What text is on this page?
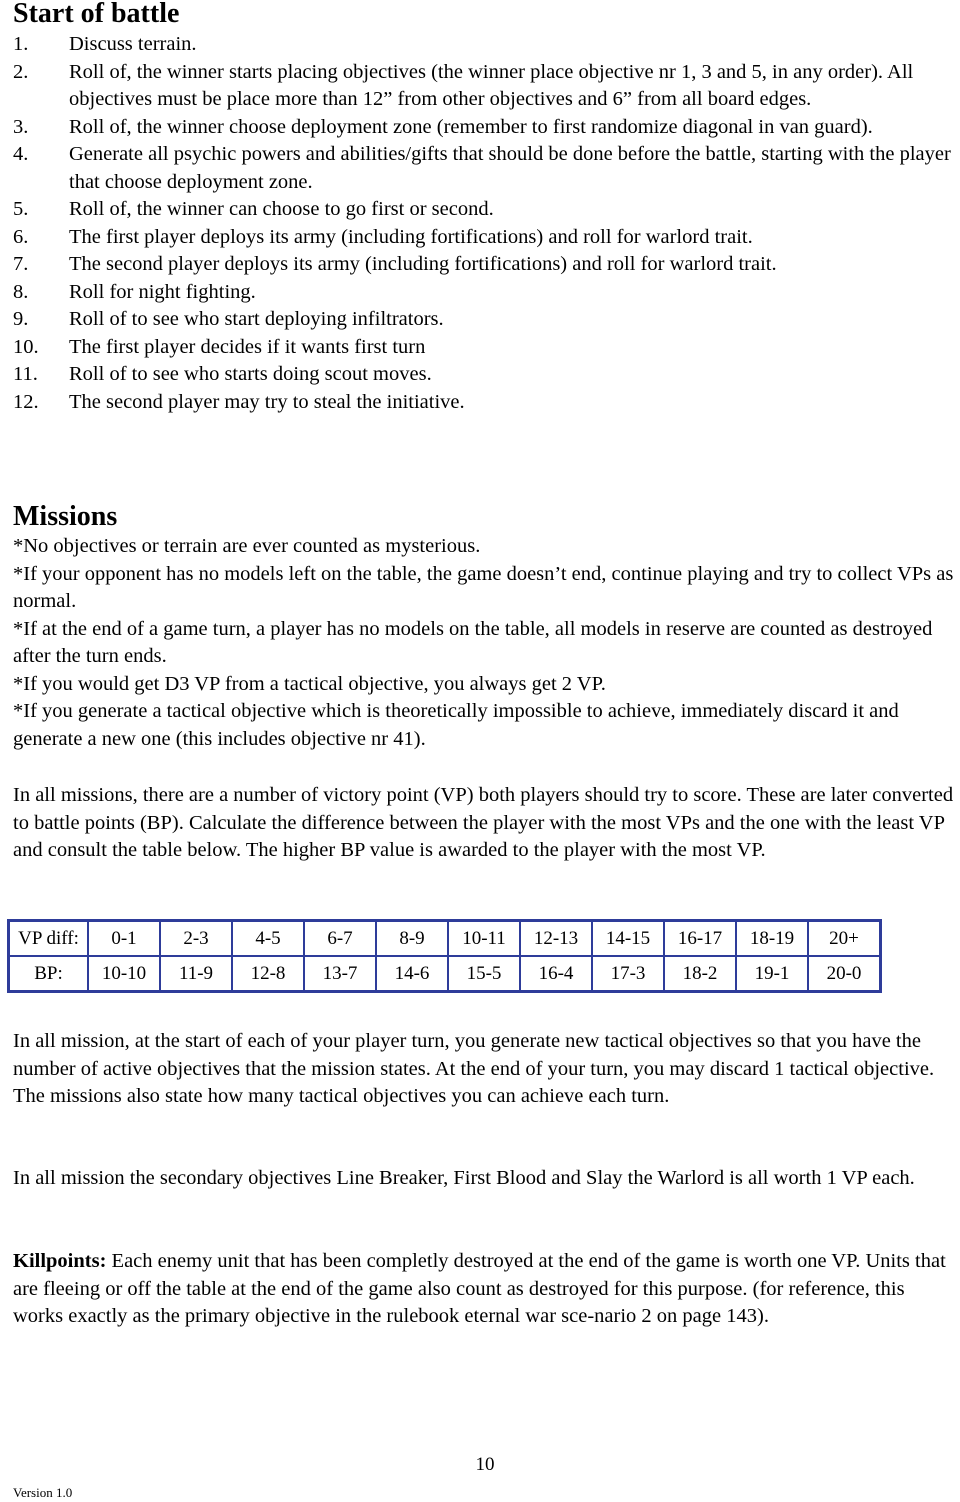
Start of battle
1.	Discuss terrain.
2.	Roll of, the winner starts placing objectives (the winner place objective nr 1, 3 and 5, in any order). All objectives must be place more than 12” from other objectives and 6” from all board edges.
3.	Roll of, the winner choose deployment zone (remember to first randomize diagonal in van guard).
4.	Generate all psychic powers and abilities/gifts that should be done before the battle, starting with the player that choose deployment zone.
5.	Roll of, the winner can choose to go first or second.
6.	The first player deploys its army (including fortifications) and roll for warlord trait.
7.	The second player deploys its army (including fortifications) and roll for warlord trait.
8.	Roll for night fighting.
9.	Roll of to see who start deploying infiltrators.
10.	The first player decides if it wants first turn
11.	Roll of to see who starts doing scout moves.
12.	The second player may try to steal the initiative.
Missions

*No objectives or terrain are ever counted as mysterious.

*If your opponent has no models left on the table, the game doesn’t end, continue playing and try to collect VPs as normal.

*If at the end of a game turn, a player has no models on the table, all models in reserve are counted as destroyed after the turn ends.

*If you would get D3 VP from a tactical objective, you always get 2 VP.

*If you generate a tactical objective which is theoretically impossible to achieve, immediately discard it and generate a new one (this includes objective nr 41).

In all missions, there are a number of victory point (VP) both players should try to score. These are later converted to battle points (BP). Calculate the difference between the player with the most VPs and the one with the least VP and consult the table below. The higher BP value is awarded to the player with the most VP.

VP diff:	0-1	2-3	4-5	6-7	8-9	10-11	12-13	14-15	16-17	18-19	20+
BP:	10-10	11-9	12-8	13-7	14-6	15-5	16-4	17-3	18-2	19-1	20-0

In all mission, at the start of each of your player turn, you generate new tactical objectives so that you have the number of active objectives that the mission states. At the end of your turn, you may discard 1 tactical objective. The missions also state how many tactical objectives you can achieve each turn.

In all mission the secondary objectives Line Breaker, First Blood and Slay the Warlord is all worth 1 VP each.

Killpoints: Each enemy unit that has been completly destroyed at the end of the game is worth one VP. Units that are fleeing or off the table at the end of the game also count as destroyed for this purpose. (for reference, this works exactly as the primary objective in the rulebook eternal war sce-nario 2 on page 143).

10
Version 1.0
